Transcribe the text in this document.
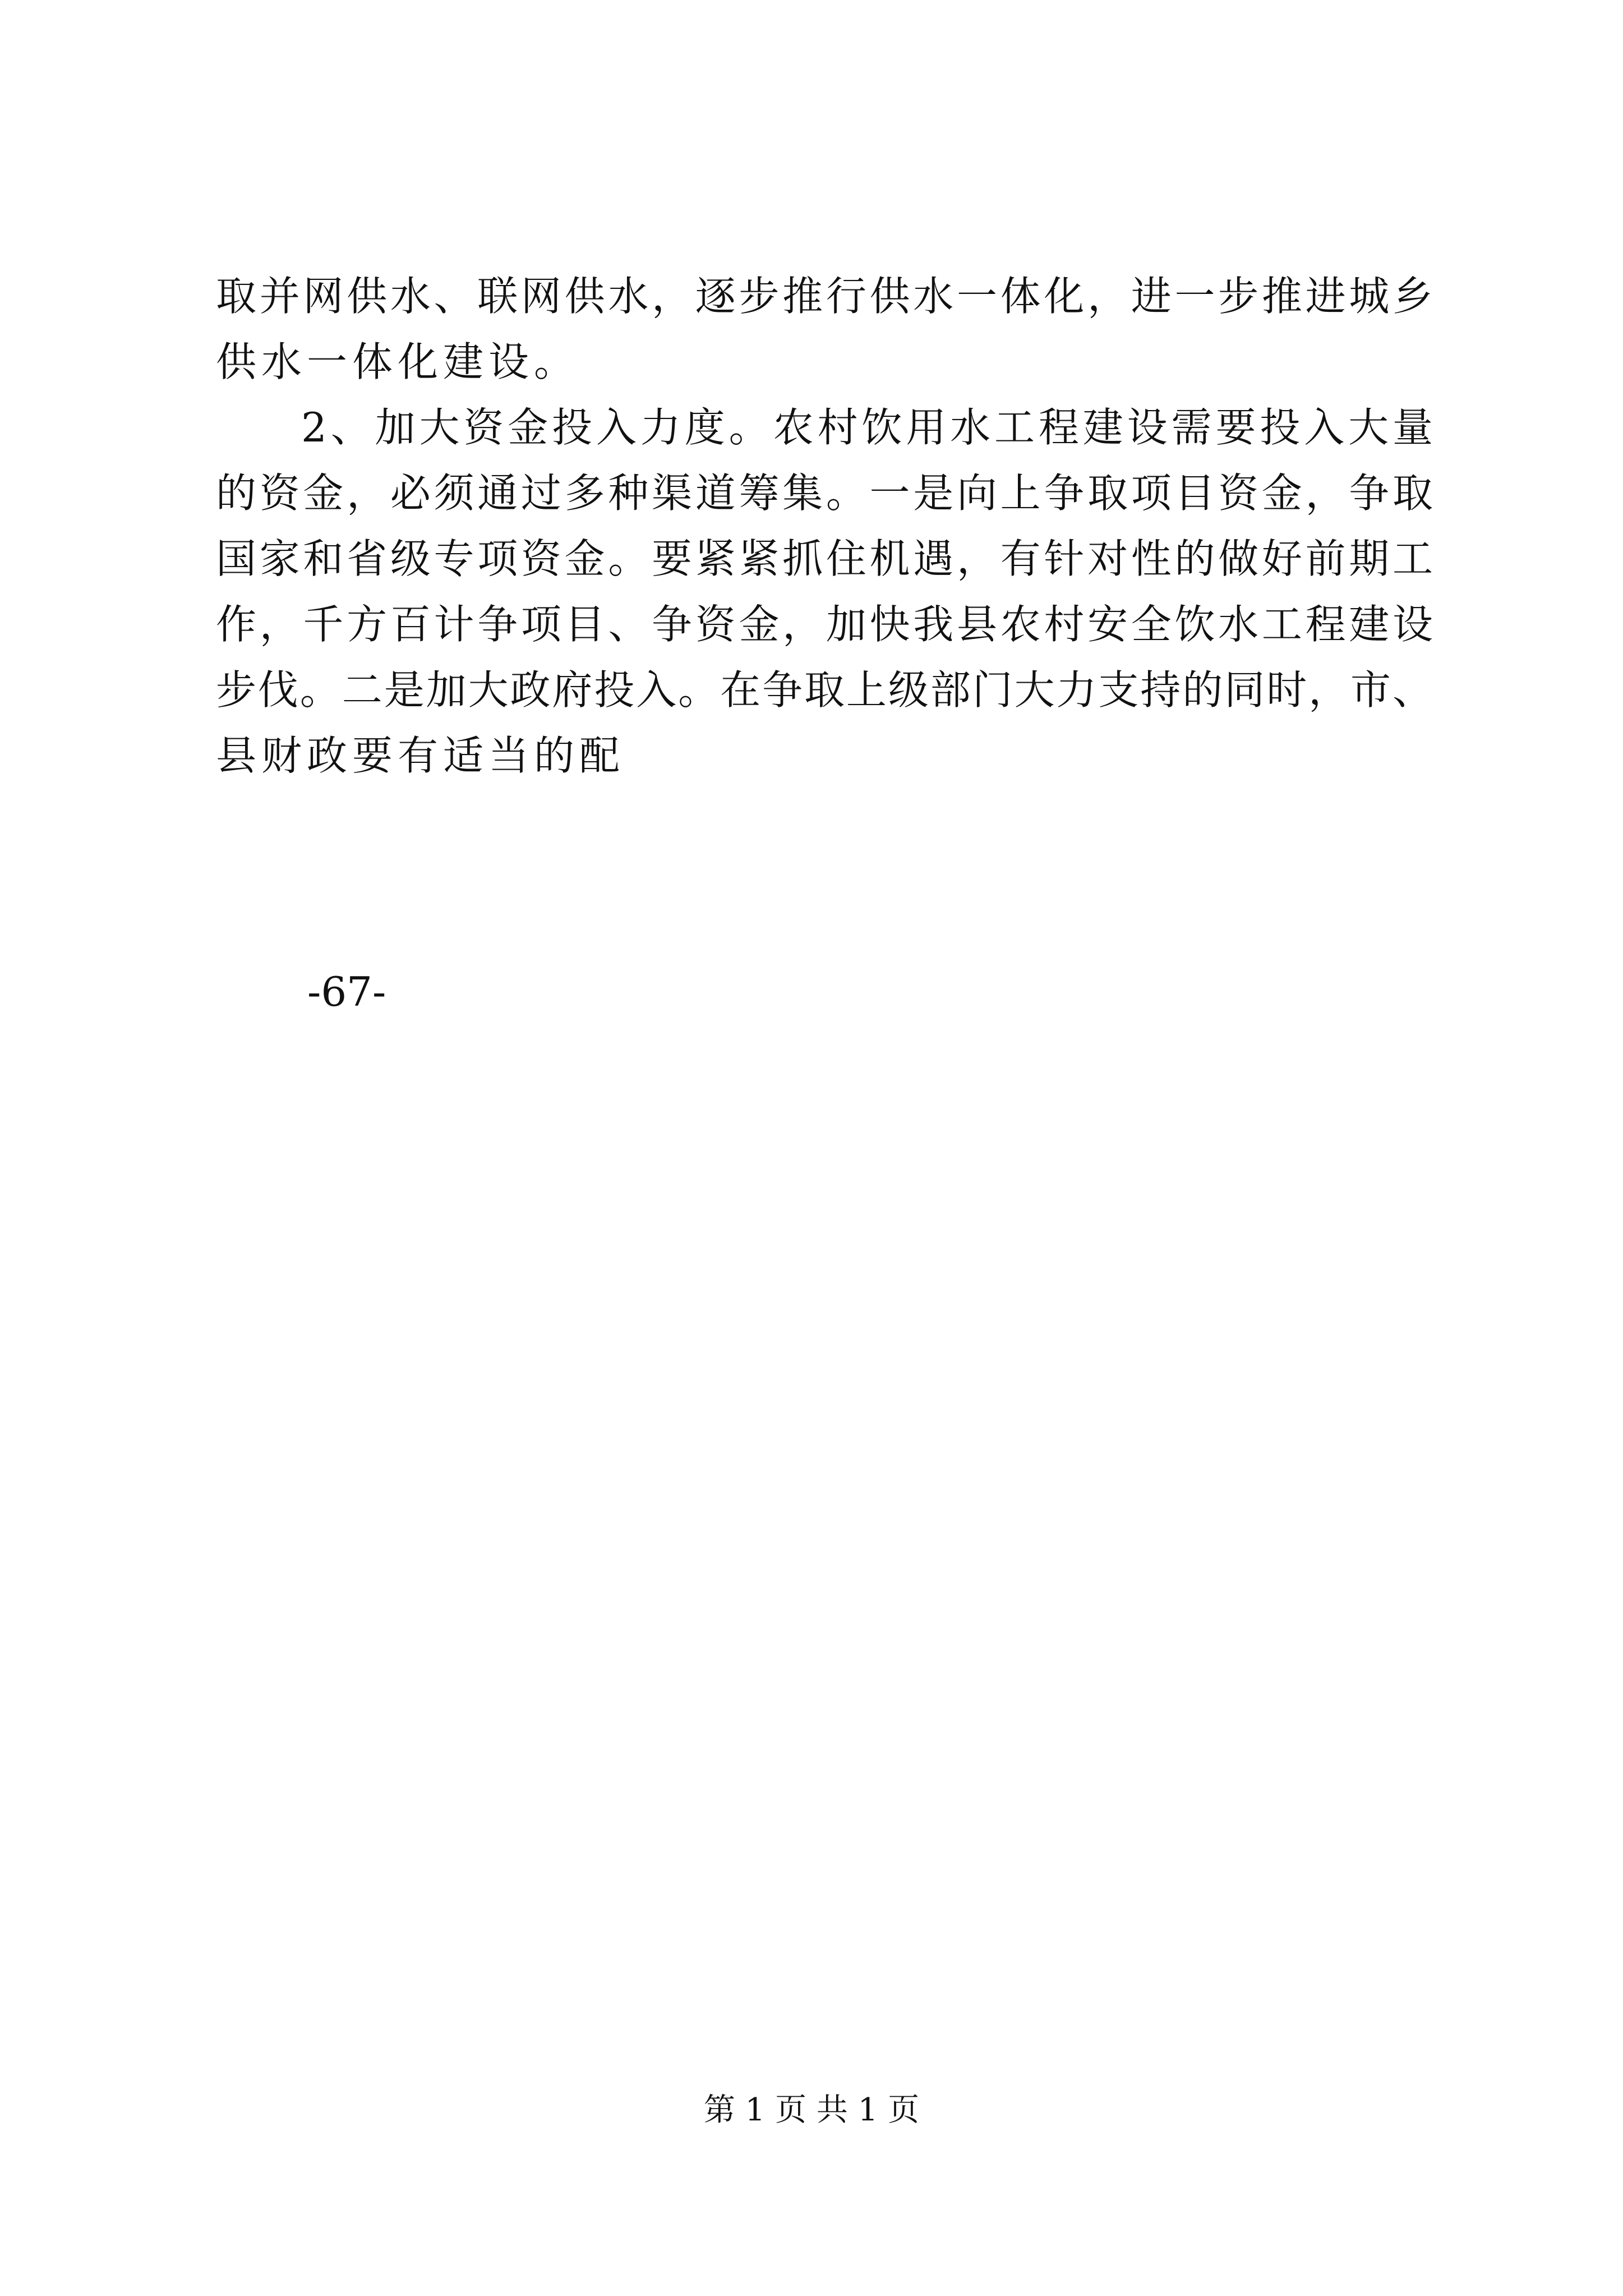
取并网供水、联网供水，逐步推行供水一体化，进一步推进城乡
供水一体化建设。
2、加大资金投入力度。农村饮用水工程建设需要投入大量
的资金，必须通过多种渠道筹集。一是向上争取项目资金，争取
国家和省级专项资金。要紧紧抓住机遇，有针对性的做好前期工
作，千方百计争项目、争资金，加快我县农村安全饮水工程建设
步伐。二是加大政府投入。在争取上级部门大力支持的同时，市、
县财政要有适当的配
-67-
第 1 页 共 1 页
